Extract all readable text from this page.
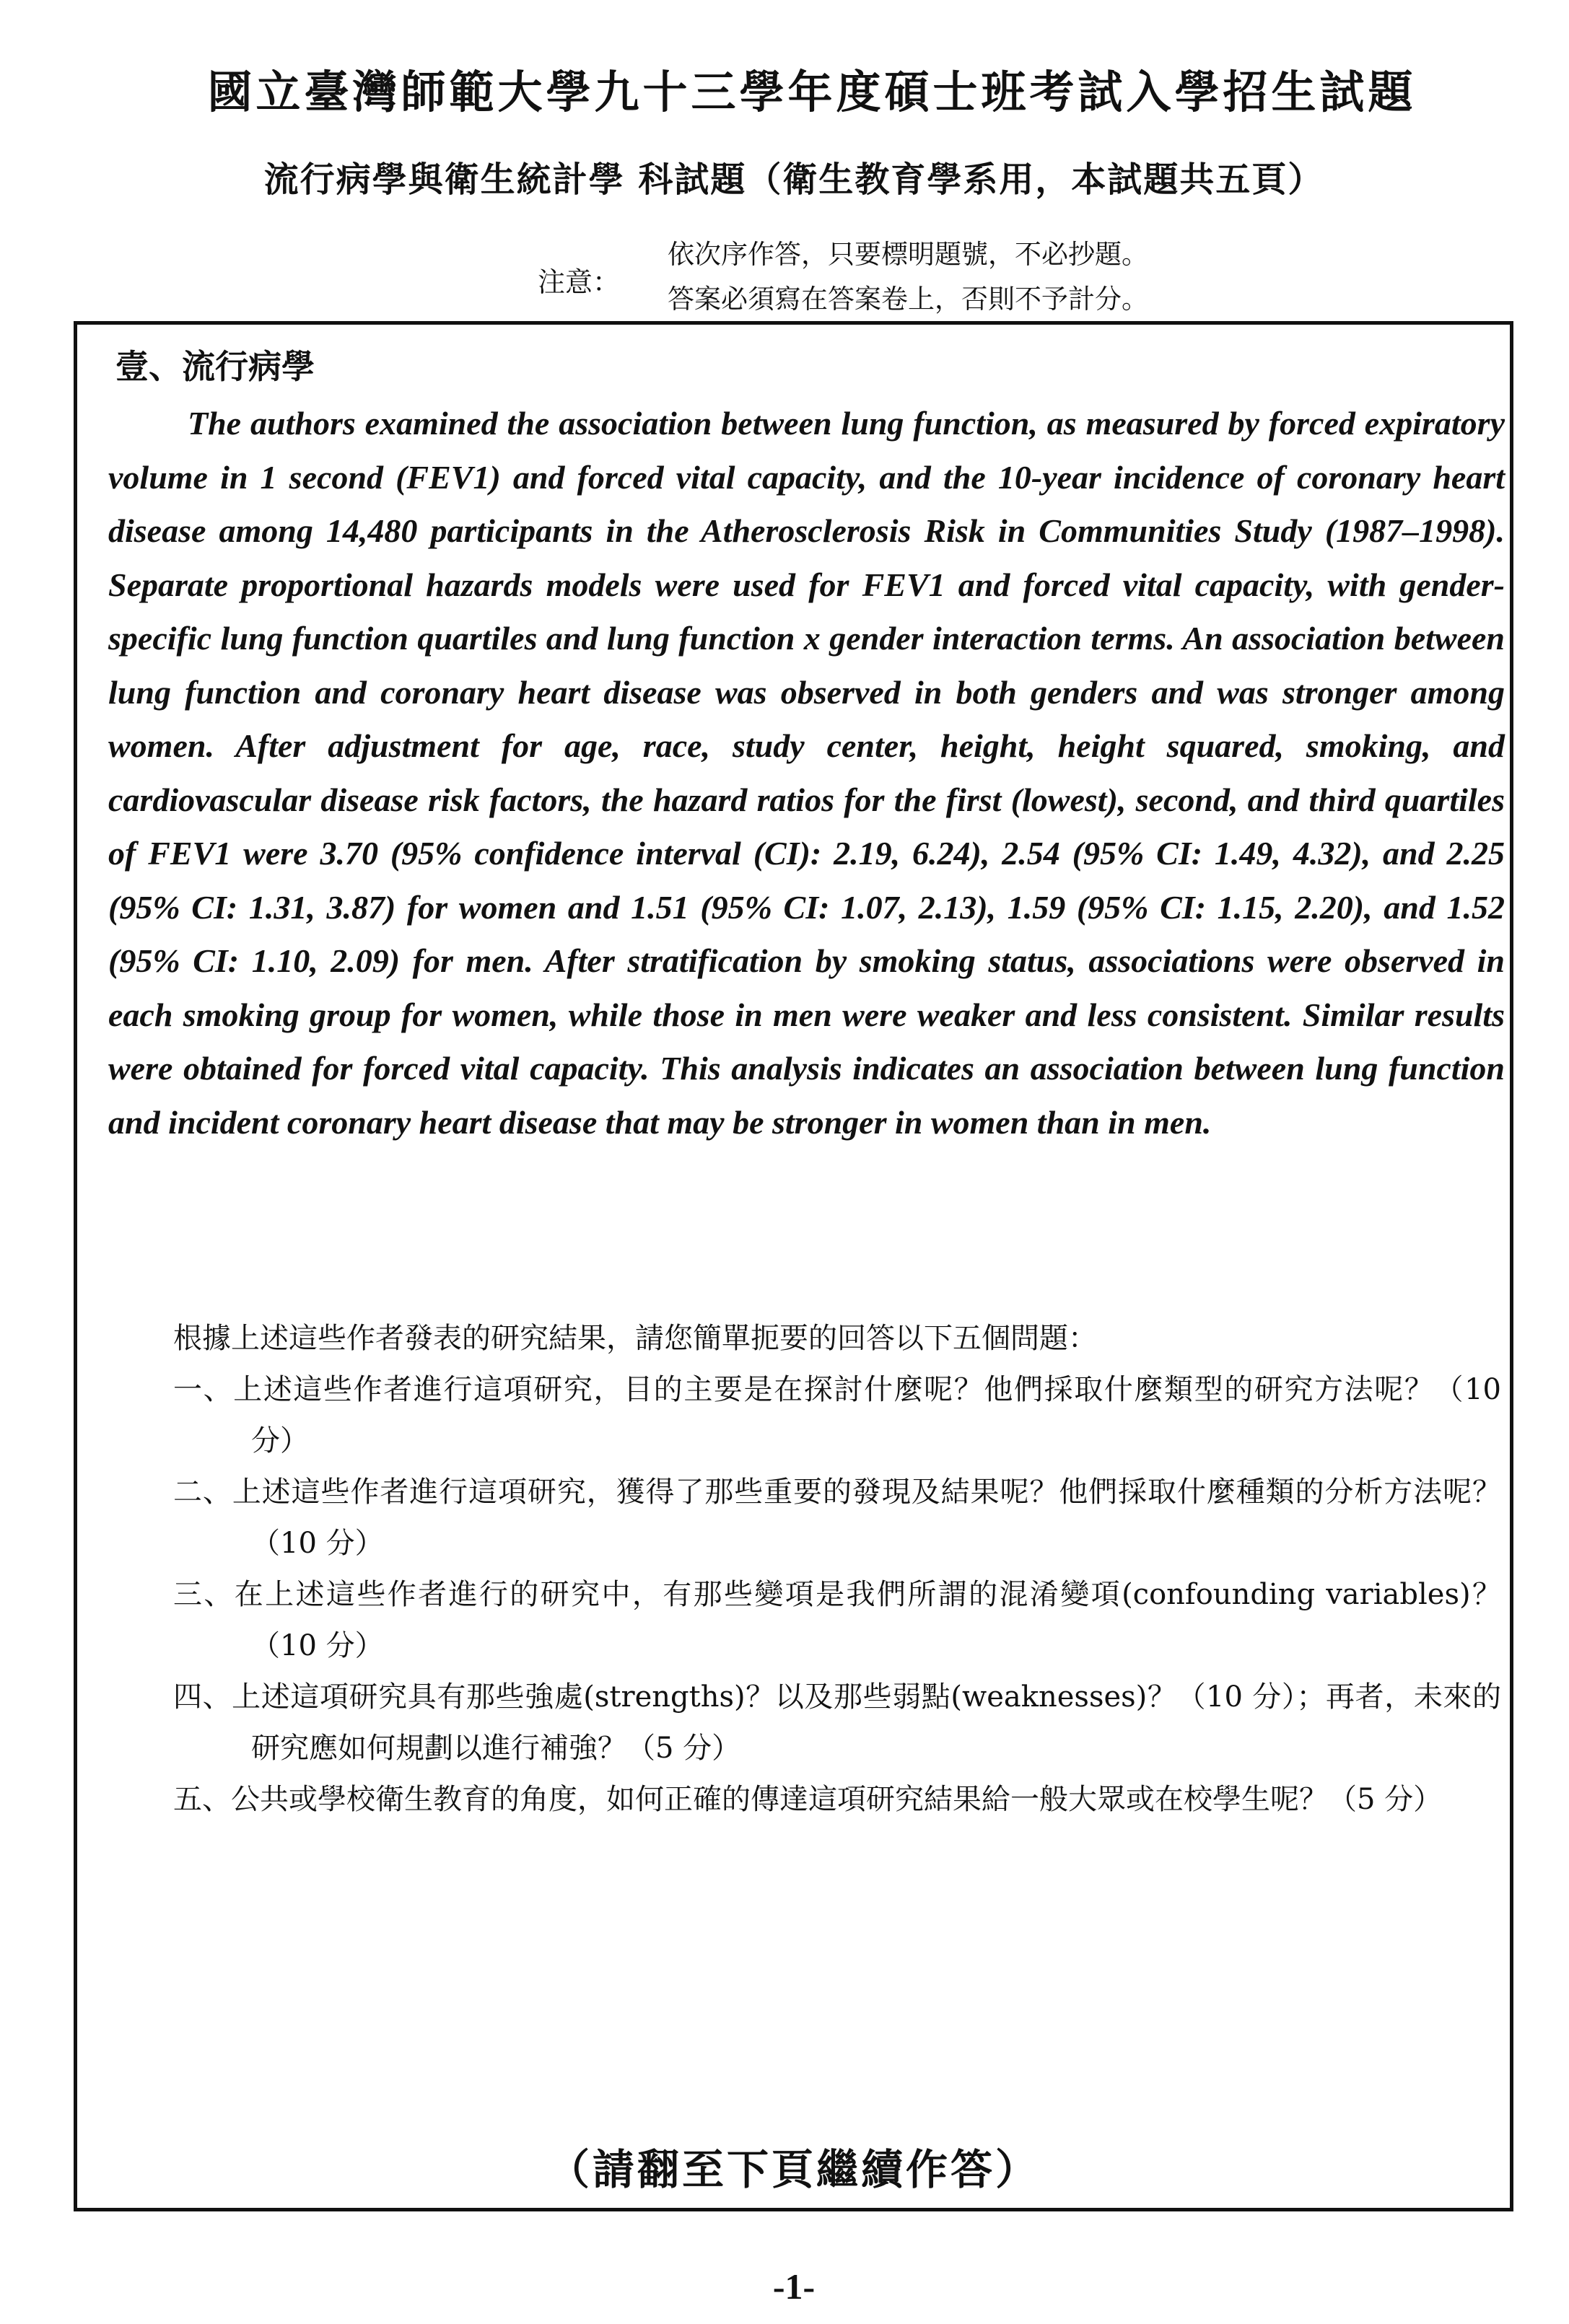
國立臺灣師範大學九十三學年度碩士班考試入學招生試題
流行病學與衛生統計學 科試題（衛生教育學系用，本試題共五頁）
注意：
依次序作答，只要標明題號，不必抄題。
答案必須寫在答案卷上，否則不予計分。
壹、流行病學

The authors examined the association between lung function, as measured by forced expiratory volume in 1 second (FEV1) and forced vital capacity, and the 10-year incidence of coronary heart disease among 14,480 participants in the Atherosclerosis Risk in Communities Study (1987–1998). Separate proportional hazards models were used for FEV1 and forced vital capacity, with gender-specific lung function quartiles and lung function x gender interaction terms. An association between lung function and coronary heart disease was observed in both genders and was stronger among women. After adjustment for age, race, study center, height, height squared, smoking, and cardiovascular disease risk factors, the hazard ratios for the first (lowest), second, and third quartiles of FEV1 were 3.70 (95% confidence interval (CI): 2.19, 6.24), 2.54 (95% CI: 1.49, 4.32), and 2.25 (95% CI: 1.31, 3.87) for women and 1.51 (95% CI: 1.07, 2.13), 1.59 (95% CI: 1.15, 2.20), and 1.52 (95% CI: 1.10, 2.09) for men. After stratification by smoking status, associations were observed in each smoking group for women, while those in men were weaker and less consistent. Similar results were obtained for forced vital capacity. This analysis indicates an association between lung function and incident coronary heart disease that may be stronger in women than in men.

根據上述這些作者發表的研究結果，請您簡單扼要的回答以下五個問題：
一、上述這些作者進行這項研究，目的主要是在探討什麼呢？他們採取什麼類型的研究方法呢？（10 分）
二、上述這些作者進行這項研究，獲得了那些重要的發現及結果呢？他們採取什麼種類的分析方法呢？（10 分）
三、在上述這些作者進行的研究中，有那些變項是我們所謂的混淆變項(confounding variables)？（10 分）
四、上述這項研究具有那些強處(strengths)？以及那些弱點(weaknesses)？（10 分）；再者，未來的研究應如何規劃以進行補強？（5 分）
五、公共或學校衛生教育的角度，如何正確的傳達這項研究結果給一般大眾或在校學生呢？（5 分）
（請翻至下頁繼續作答）
-1-
